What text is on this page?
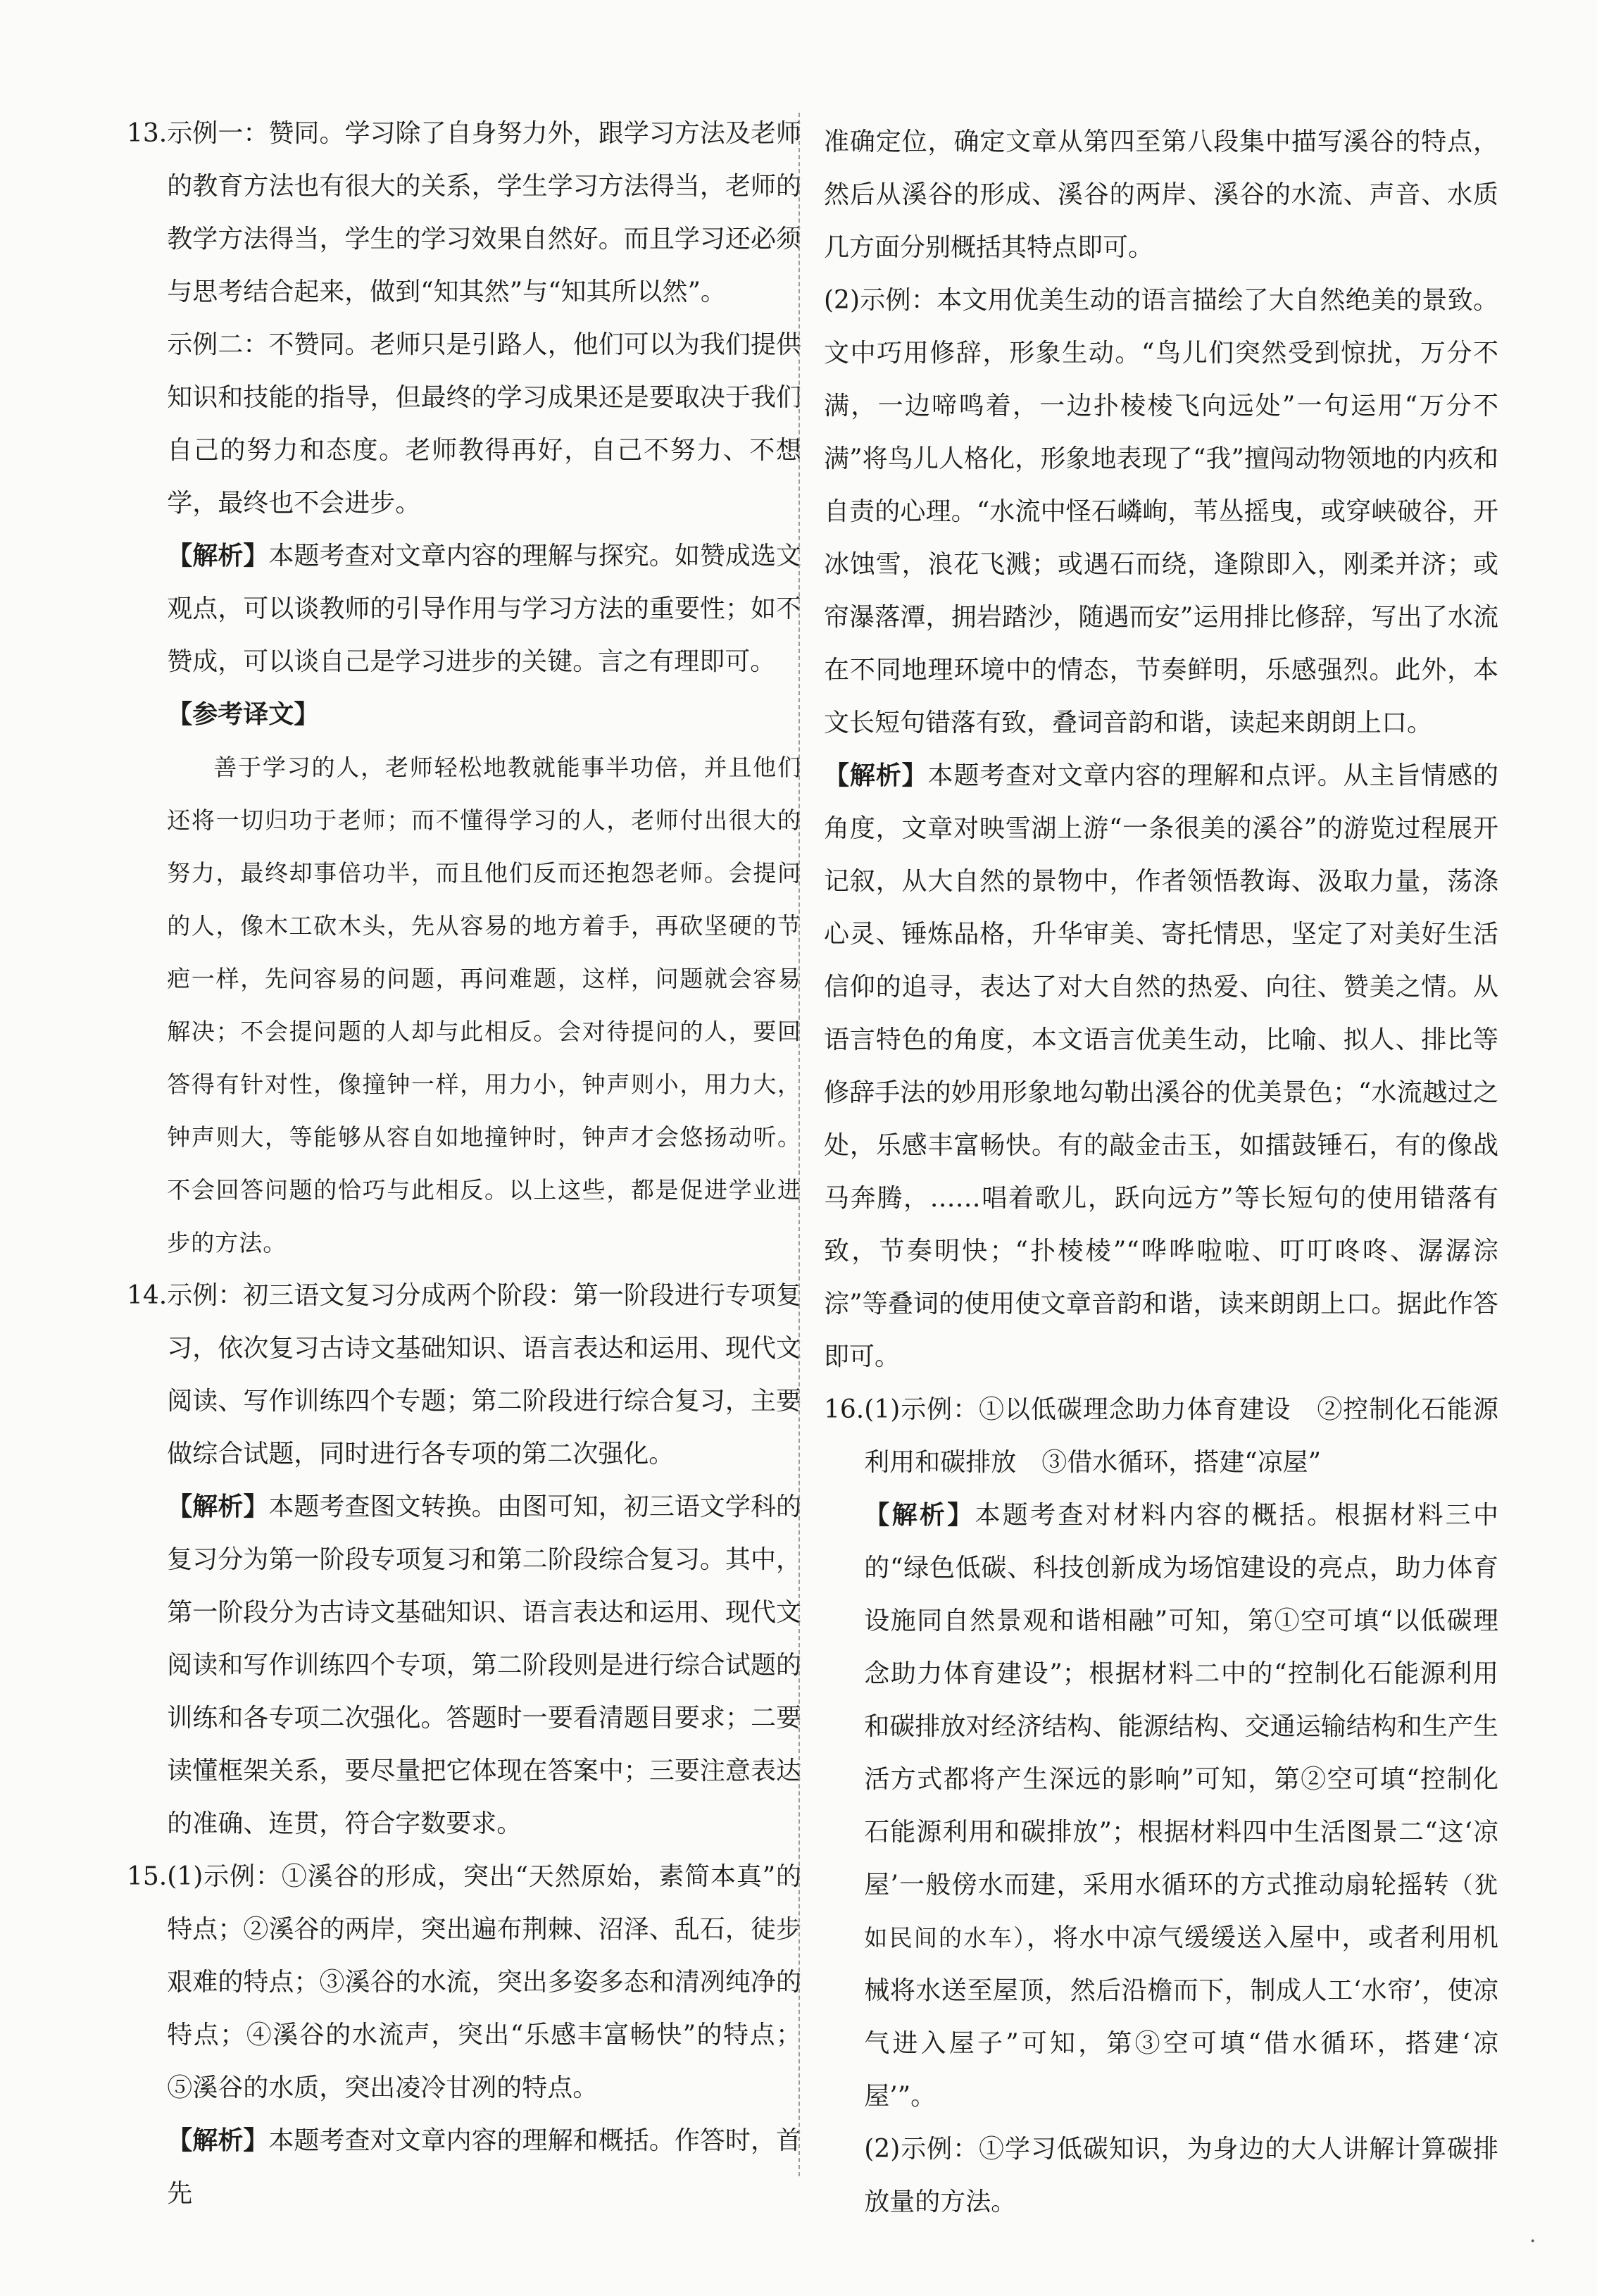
13. 示例一：赞同。学习除了自身努力外，跟学习方法及老师的教育方法也有很大的关系，学生学习方法得当，老师的教学方法得当，学生的学习效果自然好。而且学习还必须与思考结合起来，做到“知其然”与“知其所以然”。

示例二：不赞同。老师只是引路人，他们可以为我们提供知识和技能的指导，但最终的学习成果还是要取决于我们自己的努力和态度。老师教得再好，自己不努力、不想学，最终也不会进步。

【解析】本题考查对文章内容的理解与探究。如赞成选文观点，可以谈教师的引导作用与学习方法的重要性；如不赞成，可以谈自己是学习进步的关键。言之有理即可。

【参考译文】

善于学习的人，老师轻松地教就能事半功倍，并且他们还将一切归功于老师；而不懂得学习的人，老师付出很大的努力，最终却事倍功半，而且他们反而还抱怨老师。会提问的人，像木工砍木头，先从容易的地方着手，再砍坚硬的节疤一样，先问容易的问题，再问难题，这样，问题就会容易解决；不会提问题的人却与此相反。会对待提问的人，要回答得有针对性，像撞钟一样，用力小，钟声则小，用力大，钟声则大，等能够从容自如地撞钟时，钟声才会悠扬动听。不会回答问题的恰巧与此相反。以上这些，都是促进学业进步的方法。

14. 示例：初三语文复习分成两个阶段：第一阶段进行专项复习，依次复习古诗文基础知识、语言表达和运用、现代文阅读、写作训练四个专题；第二阶段进行综合复习，主要做综合试题，同时进行各专项的第二次强化。

【解析】本题考查图文转换。由图可知，初三语文学科的复习分为第一阶段专项复习和第二阶段综合复习。其中，第一阶段分为古诗文基础知识、语言表达和运用、现代文阅读和写作训练四个专项，第二阶段则是进行综合试题的训练和各专项二次强化。答题时一要看清题目要求；二要读懂框架关系，要尽量把它体现在答案中；三要注意表达的准确、连贯，符合字数要求。

15. (1)示例：①溪谷的形成，突出“天然原始，素简本真”的特点；②溪谷的两岸，突出遍布荆棘、沼泽、乱石，徒步艰难的特点；③溪谷的水流，突出多姿多态和清冽纯净的特点；④溪谷的水流声，突出“乐感丰富畅快”的特点；⑤溪谷的水质，突出凌冷甘冽的特点。

【解析】本题考查对文章内容的理解和概括。作答时，首先

准确定位，确定文章从第四至第八段集中描写溪谷的特点，然后从溪谷的形成、溪谷的两岸、溪谷的水流、声音、水质几方面分别概括其特点即可。

(2)示例：本文用优美生动的语言描绘了大自然绝美的景致。文中巧用修辞，形象生动。“鸟儿们突然受到惊扰，万分不满，一边啼鸣着，一边扑棱棱飞向远处”一句运用“万分不满”将鸟儿人格化，形象地表现了“我”擅闯动物领地的内疚和自责的心理。“水流中怪石嶙峋，苇丛摇曳，或穿峡破谷，开冰蚀雪，浪花飞溅；或遇石而绕，逢隙即入，刚柔并济；或帘瀑落潭，拥岩踏沙，随遇而安”运用排比修辞，写出了水流在不同地理环境中的情态，节奏鲜明，乐感强烈。此外，本文长短句错落有致，叠词音韵和谐，读起来朗朗上口。

【解析】本题考查对文章内容的理解和点评。从主旨情感的角度，文章对映雪湖上游“一条很美的溪谷”的游览过程展开记叙，从大自然的景物中，作者领悟教诲、汲取力量，荡涤心灵、锤炼品格，升华审美、寄托情思，坚定了对美好生活信仰的追寻，表达了对大自然的热爱、向往、赞美之情。从语言特色的角度，本文语言优美生动，比喻、拟人、排比等修辞手法的妙用形象地勾勒出溪谷的优美景色；“水流越过之处，乐感丰富畅快。有的敲金击玉，如擂鼓锤石，有的像战马奔腾，……唱着歌儿，跃向远方”等长短句的使用错落有致，节奏明快；“扑棱棱”“哗哗啦啦、叮叮咚咚、潺潺淙淙”等叠词的使用使文章音韵和谐，读来朗朗上口。据此作答即可。

16. (1)示例：①以低碳理念助力体育建设　②控制化石能源利用和碳排放　③借水循环，搭建“凉屋”

【解析】本题考查对材料内容的概括。根据材料三中的“绿色低碳、科技创新成为场馆建设的亮点，助力体育设施同自然景观和谐相融”可知，第①空可填“以低碳理念助力体育建设”；根据材料二中的“控制化石能源利用和碳排放对经济结构、能源结构、交通运输结构和生产生活方式都将产生深远的影响”可知，第②空可填“控制化石能源利用和碳排放”；根据材料四中生活图景二“这‘凉屋’一般傍水而建，采用水循环的方式推动扇轮摇转（犹如民间的水车），将水中凉气缓缓送入屋中，或者利用机械将水送至屋顶，然后沿檐而下，制成人工‘水帘’，使凉气进入屋子”可知，第③空可填“借水循环，搭建‘凉屋’”。

(2)示例：①学习低碳知识，为身边的大人讲解计算碳排放量的方法。

·
